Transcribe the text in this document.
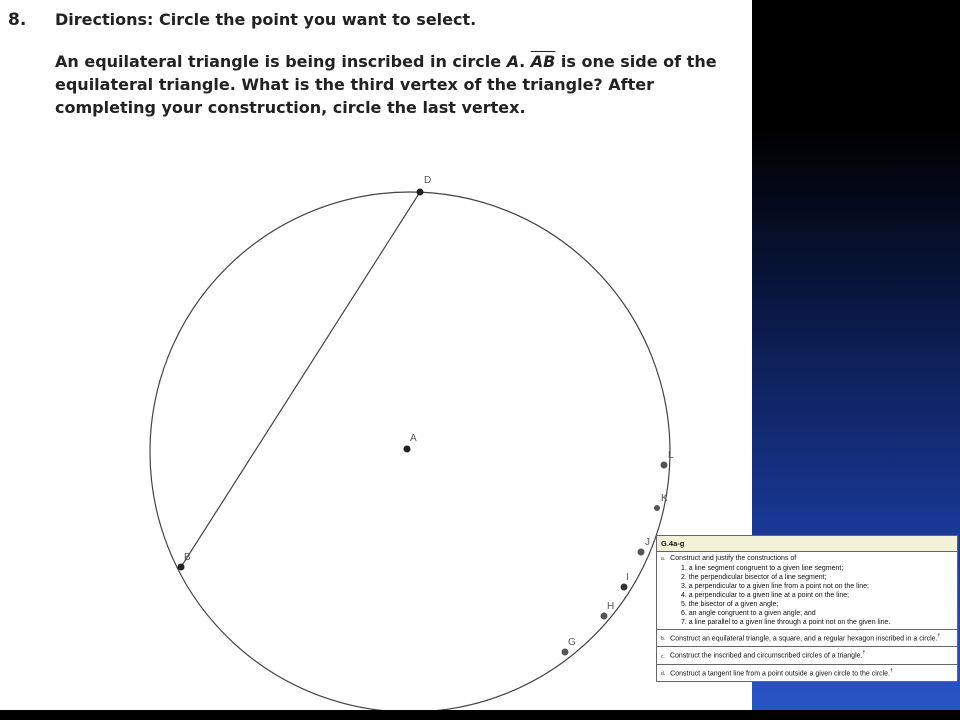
8. Directions: Circle the point you want to select.
An equilateral triangle is being inscribed in circle A. $\overline{AB}$ is one side of the equilateral triangle. What is the third vertex of the triangle? After completing your construction, circle the last vertex.
D
A
B
L
K
J
I
H
G
G.4a-g

a. Construct and justify the constructions of
1. a line segment congruent to a given line segment;
2. the perpendicular bisector of a line segment;
3. a perpendicular to a given line from a point not on the line;
4. a perpendicular to a given line at a point on the line;
5. the bisector of a given angle;
6. an angle congruent to a given angle; and
7. a line parallel to a given line through a point not on the given line.

b. Construct an equilateral triangle, a square, and a regular hexagon inscribed in a circle.†
c. Construct the inscribed and circumscribed circles of a triangle.†
d. Construct a tangent line from a point outside a given circle to the circle.†
